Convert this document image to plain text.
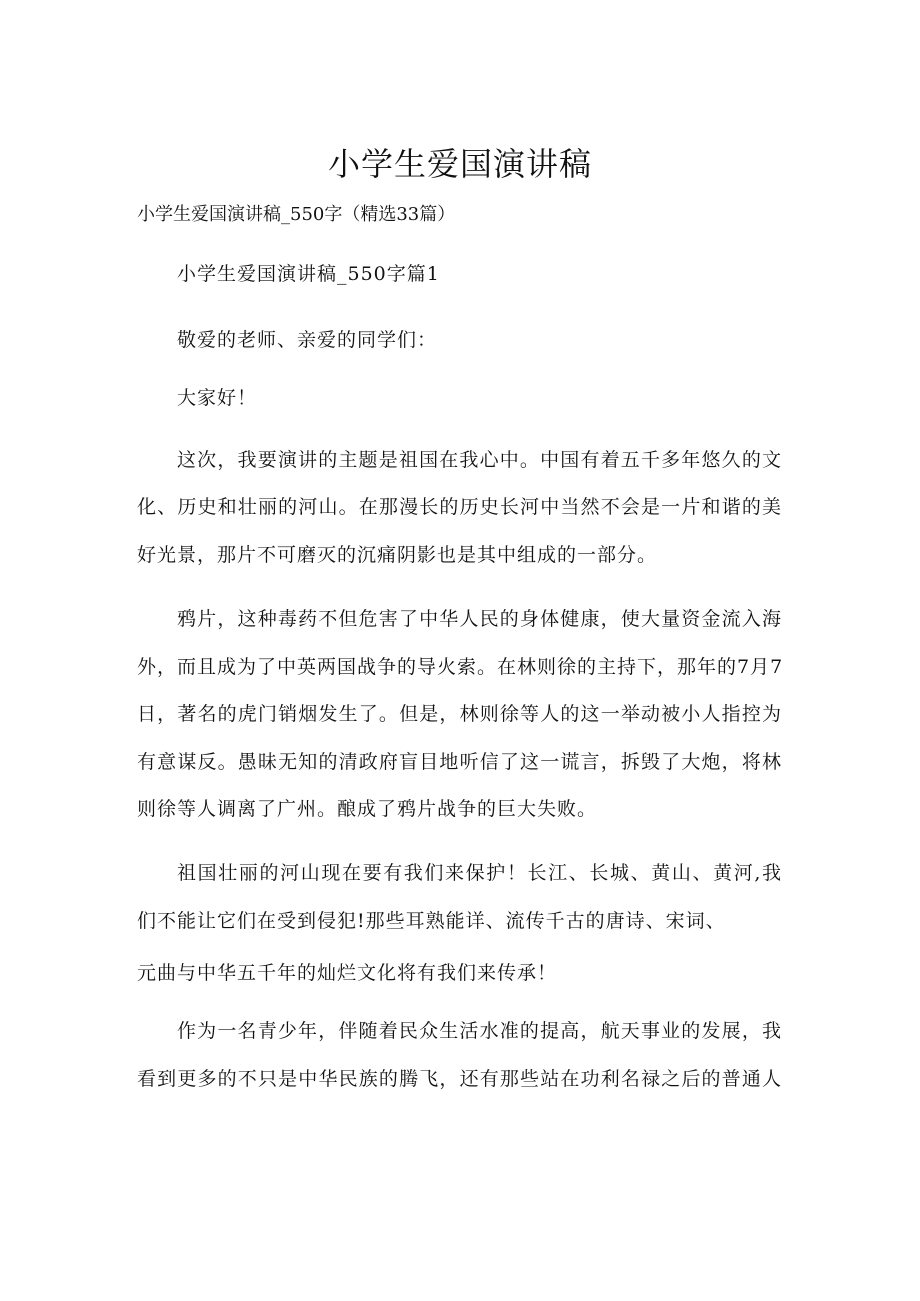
小学生爱国演讲稿

小学生爱国演讲稿_550字（精选33篇）

小学生爱国演讲稿_550字篇1

敬爱的老师、亲爱的同学们：

大家好！

这次，我要演讲的主题是祖国在我心中。中国有着五千多年悠久的文

化、历史和壮丽的河山。在那漫长的历史长河中当然不会是一片和谐的美

好光景，那片不可磨灭的沉痛阴影也是其中组成的一部分。

鸦片，这种毒药不但危害了中华人民的身体健康，使大量资金流入海

外，而且成为了中英两国战争的导火索。在林则徐的主持下，那年的7月7

日，著名的虎门销烟发生了。但是，林则徐等人的这一举动被小人指控为

有意谋反。愚昧无知的清政府盲目地听信了这一谎言，拆毁了大炮，将林

则徐等人调离了广州。酿成了鸦片战争的巨大失败。

祖国壮丽的河山现在要有我们来保护！长江、长城、黄山、黄河,我

们不能让它们在受到侵犯!那些耳熟能详、流传千古的唐诗、宋词、

元曲与中华五千年的灿烂文化将有我们来传承！

作为一名青少年，伴随着民众生活水准的提高，航天事业的发展，我

看到更多的不只是中华民族的腾飞，还有那些站在功利名禄之后的普通人
